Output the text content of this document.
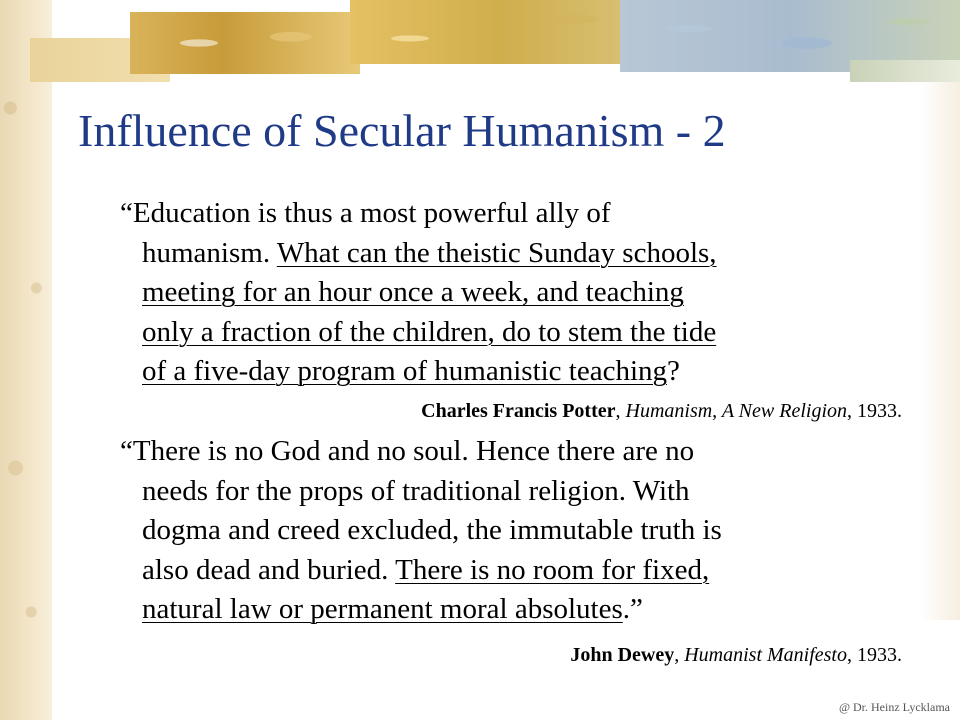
Influence of Secular Humanism - 2

“Education is thus a most powerful ally of
humanism. What can the theistic Sunday schools,
meeting for an hour once a week, and teaching
only a fraction of the children, do to stem the tide
of a five-day program of humanistic teaching?

Charles Francis Potter, Humanism, A New Religion, 1933.

“There is no God and no soul. Hence there are no
needs for the props of traditional religion. With
dogma and creed excluded, the immutable truth is
also dead and buried. There is no room for fixed,
natural law or permanent moral absolutes.”

John Dewey, Humanist Manifesto, 1933.

@ Dr. Heinz Lycklama
